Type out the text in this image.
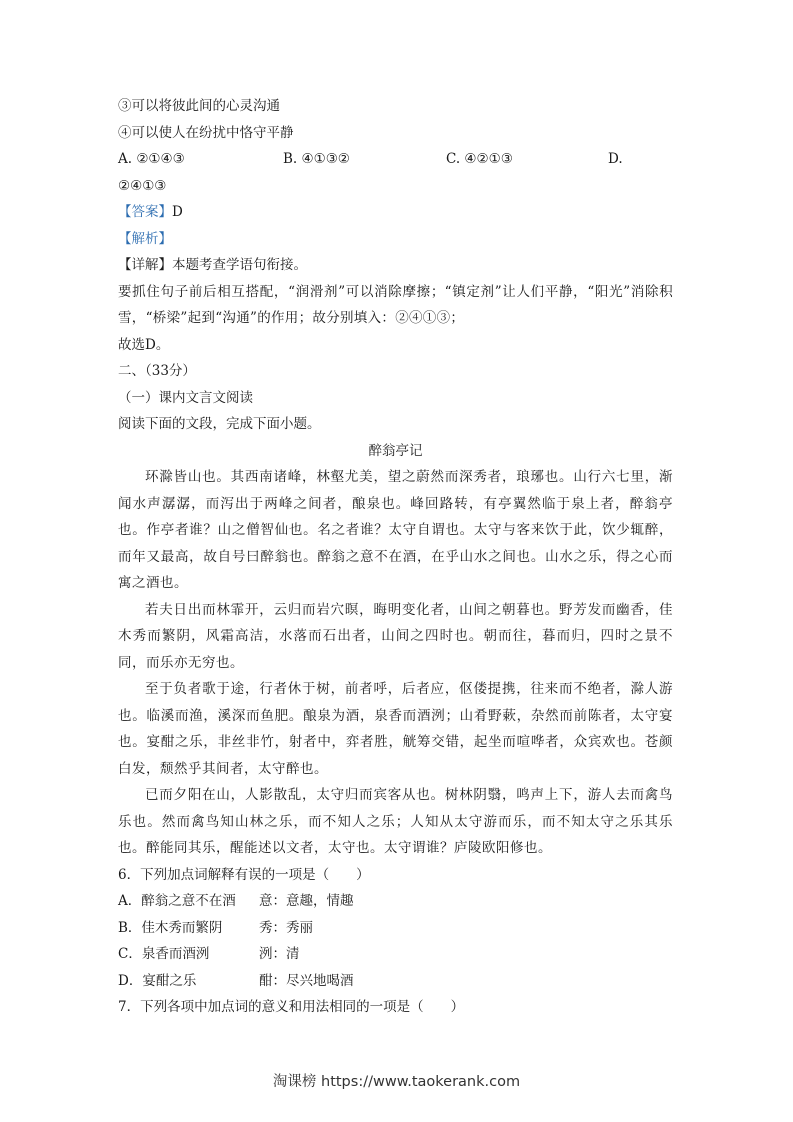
③可以将彼此间的心灵沟通
④可以使人在纷扰中恪守平静
A. ②①④③	B. ④①③②	C. ④②①③	D.
②④①③
【答案】D
【解析】
【详解】本题考查学语句衔接。

要抓住句子前后相互搭配，“润滑剂”可以消除摩擦；“镇定剂”让人们平静，“阳光”消除积雪，“桥梁”起到“沟通”的作用；故分别填入：②④①③；

故选D。
二、（33分）
（一）课内文言文阅读
阅读下面的文段，完成下面小题。
醉翁亭记

环滁皆山也。其西南诸峰，林壑尤美，望之蔚然而深秀者，琅琊也。山行六七里，渐闻水声潺潺，而泻出于两峰之间者，酿泉也。峰回路转，有亭翼然临于泉上者，醉翁亭也。作亭者谁？山之僧智仙也。名之者谁？太守自谓也。太守与客来饮于此，饮少辄醉，而年又最高，故自号曰醉翁也。醉翁之意不在酒，在乎山水之间也。山水之乐，得之心而寓之酒也。

若夫日出而林霏开，云归而岩穴暝，晦明变化者，山间之朝暮也。野芳发而幽香，佳木秀而繁阴，风霜高洁，水落而石出者，山间之四时也。朝而往，暮而归，四时之景不同，而乐亦无穷也。

至于负者歌于途，行者休于树，前者呼，后者应，伛偻提携，往来而不绝者，滁人游也。临溪而渔，溪深而鱼肥。酿泉为酒，泉香而酒洌；山肴野蔌，杂然而前陈者，太守宴也。宴酣之乐，非丝非竹，射者中，弈者胜，觥筹交错，起坐而喧哗者，众宾欢也。苍颜白发，颓然乎其间者，太守醉也。

已而夕阳在山，人影散乱，太守归而宾客从也。树林阴翳，鸣声上下，游人去而禽鸟乐也。然而禽鸟知山林之乐，而不知人之乐；人知从太守游而乐，而不知太守之乐其乐也。醉能同其乐，醒能述以文者，太守也。太守谓谁？庐陵欧阳修也。

6．下列加点词解释有误的一项是（　　）
A．醉翁之意不在酒	意：意趣，情趣
B．佳木秀而繁阴	秀：秀丽
C．泉香而酒洌	洌：清
D．宴酣之乐	酣：尽兴地喝酒
7．下列各项中加点词的意义和用法相同的一项是（　　）
淘课榜 https://www.taokerank.com
